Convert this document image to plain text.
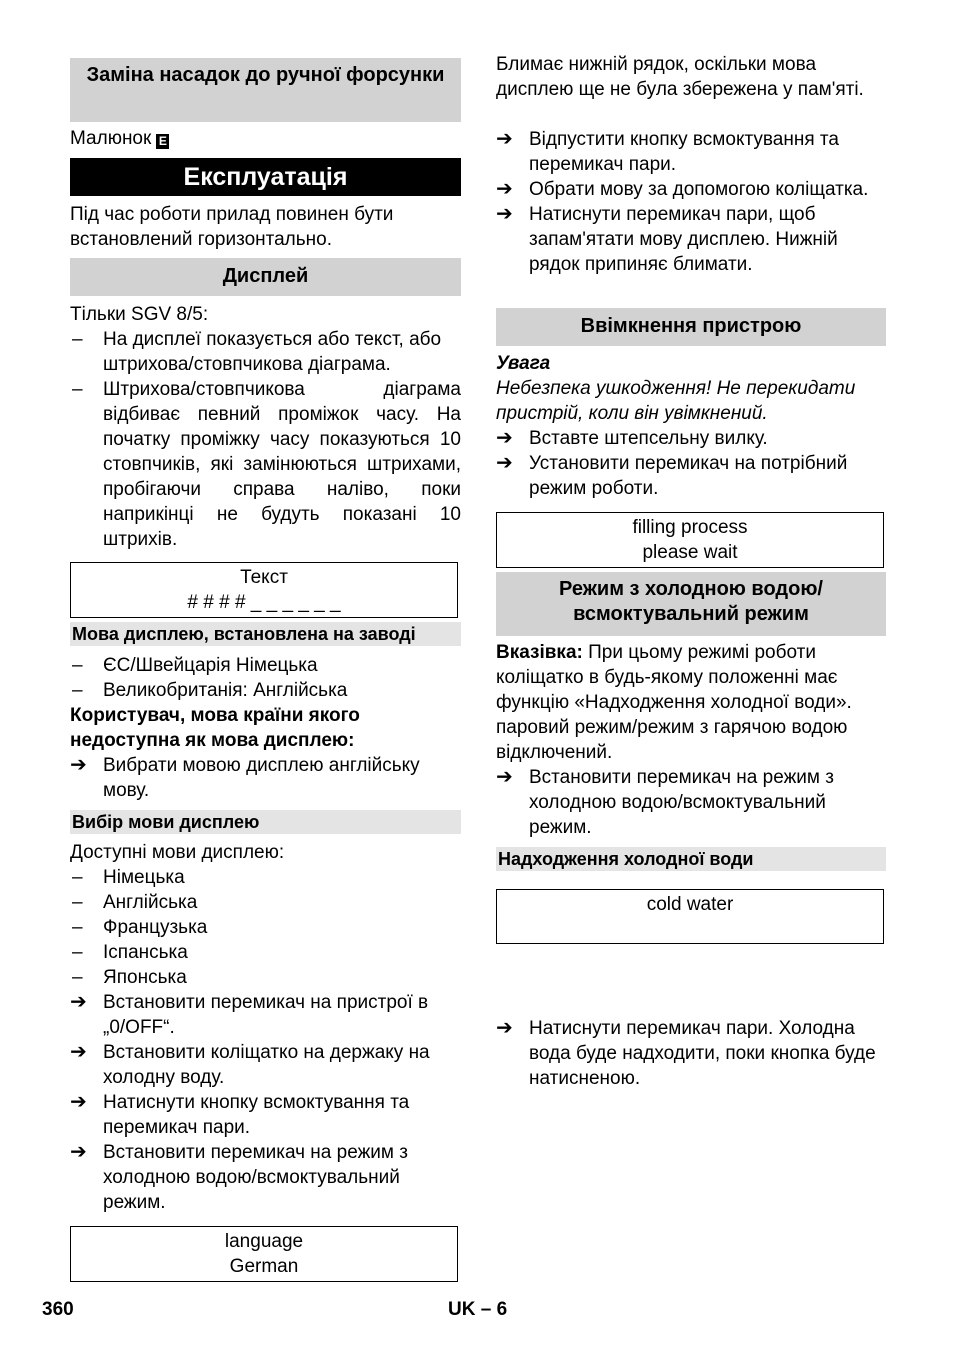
Заміна насадок до ручної форсунки
Малюнок E
Експлуатація

Під час роботи прилад повинен бути встановлений горизонтально.

Дисплей

Тільки SGV 8/5:

– На дисплеї показується або текст, або штрихова/стовпчикова діаграма.
– Штрихова/стовпчикова діаграма відбиває певний проміжок часу. На початку проміжку часу показуються 10 стовпчиків, які замінюються штрихами, пробігаючи справа наліво, поки наприкінці не будуть показані 10 штрихів.
Текст
# # # # _ _ _ _ _ _
Мова дисплею, встановлена на заводі
– ЄС/Швейцарія Німецька
– Великобританія: Англійська

Користувач, мова країни якого недоступна як мова дисплею:

➔ Вибрати мовою дисплею англійську мову.
Вибір мови дисплею

Доступні мови дисплею:

– Німецька
– Англійська
– Французька
– Іспанська
– Японська
➔ Встановити перемикач на пристрої в „0/OFF“.
➔ Встановити коліщатко на держаку на холодну воду.
➔ Натиснути кнопку всмоктування та перемикач пари.
➔ Встановити перемикач на режим з холодною водою/всмоктувальний режим.
language
German

Блимає нижній рядок, оскільки мова дисплею ще не була збережена у пам'яті.

➔ Відпустити кнопку всмоктування та перемикач пари.
➔ Обрати мову за допомогою коліщатка.
➔ Натиснути перемикач пари, щоб запам'ятати мову дисплею. Нижній рядок припиняє блимати.
Ввімкнення пристрою

Увага

Небезпека ушкодження! Не перекидати пристрій, коли він увімкнений.

➔ Вставте штепсельну вилку.
➔ Установити перемикач на потрібний режим роботи.
filling process
please wait
Режим з холодною водою/ всмоктувальний режим

Вказівка: При цьому режимі роботи коліщатко в будь-якому положенні має функцію «Надходження холодної води». паровий режим/режим з гарячою водою відключений.

➔ Встановити перемикач на режим з холодною водою/всмоктувальний режим.
Надходження холодної води
cold water
➔ Натиснути перемикач пари. Холодна вода буде надходити, поки кнопка буде натисненою.
360	UK – 6
